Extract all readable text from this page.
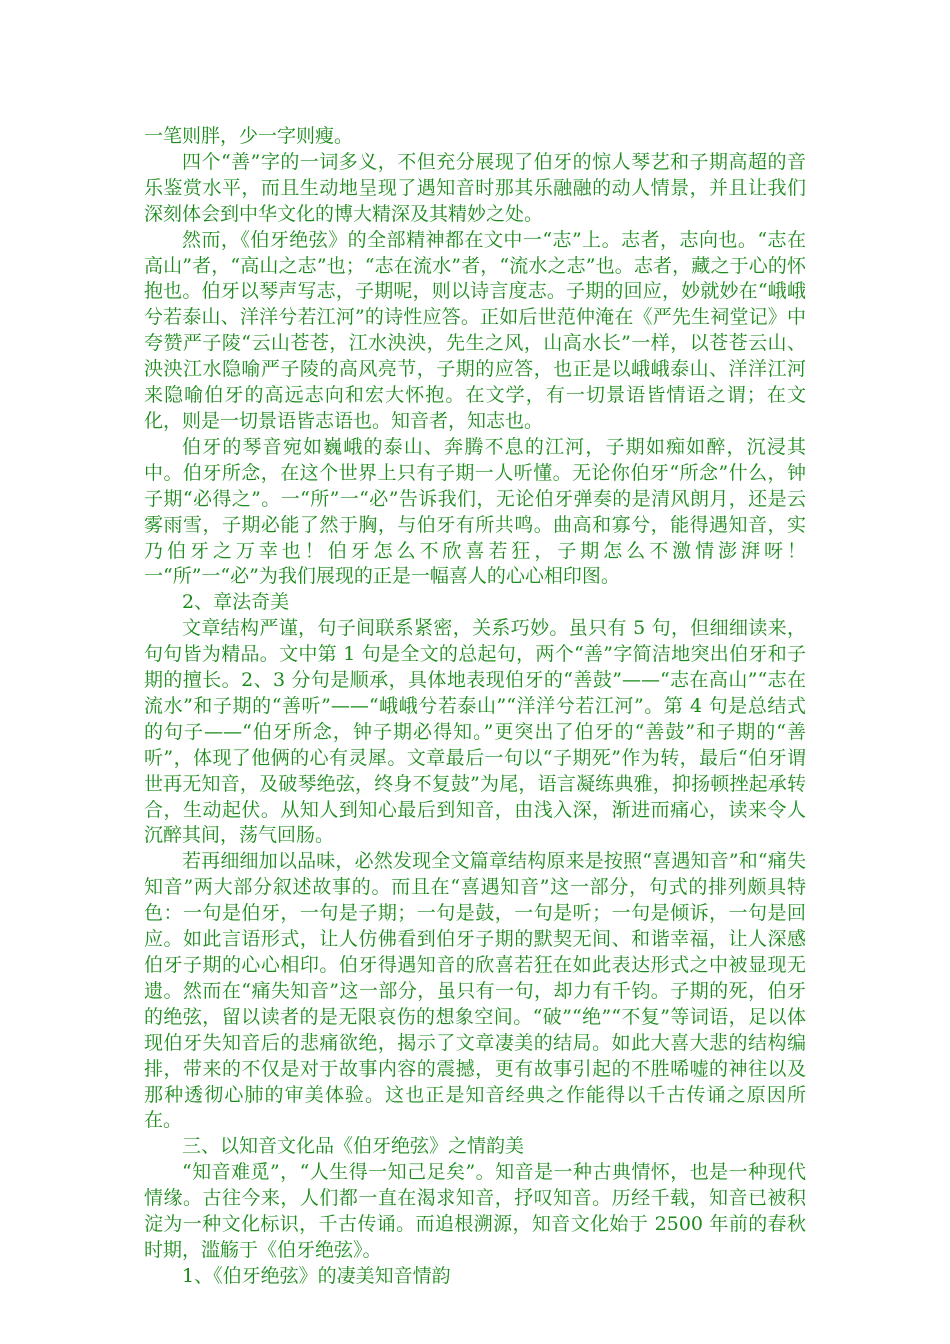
一笔则胖，少一字则瘦。

四个“善”字的一词多义，不但充分展现了伯牙的惊人琴艺和子期高超的音乐鉴赏水平，而且生动地呈现了遇知音时那其乐融融的动人情景，并且让我们深刻体会到中华文化的博大精深及其精妙之处。

然而，《伯牙绝弦》的全部精神都在文中一“志”上。志者，志向也。“志在高山”者，“高山之志”也；“志在流水”者，“流水之志”也。志者，藏之于心的怀抱也。伯牙以琴声写志，子期呢，则以诗言度志。子期的回应，妙就妙在“峨峨兮若泰山、洋洋兮若江河”的诗性应答。正如后世范仲淹在《严先生祠堂记》中夸赞严子陵“云山苍苍，江水泱泱，先生之风，山高水长”一样，以苍苍云山、泱泱江水隐喻严子陵的高风亮节，子期的应答，也正是以峨峨泰山、洋洋江河来隐喻伯牙的高远志向和宏大怀抱。在文学，有一切景语皆情语之谓；在文化，则是一切景语皆志语也。知音者，知志也。

伯牙的琴音宛如巍峨的泰山、奔腾不息的江河，子期如痴如醉，沉浸其中。伯牙所念，在这个世界上只有子期一人听懂。无论你伯牙“所念”什么，钟子期“必得之”。一“所”一“必”告诉我们，无论伯牙弹奏的是清风朗月，还是云雾雨雪，子期必能了然于胸，与伯牙有所共鸣。曲高和寡兮，能得遇知音，实乃伯牙之万幸也！伯牙怎么不欣喜若狂，子期怎么不激情澎湃呀！一“所”一“必”为我们展现的正是一幅喜人的心心相印图。

2、章法奇美

文章结构严谨，句子间联系紧密，关系巧妙。虽只有 5 句，但细细读来，句句皆为精品。文中第 1 句是全文的总起句，两个“善”字简洁地突出伯牙和子期的擅长。2、3 分句是顺承，具体地表现伯牙的“善鼓”——“志在高山”“志在流水”和子期的“善听”——“峨峨兮若泰山”“洋洋兮若江河”。第 4 句是总结式的句子——“伯牙所念，钟子期必得知。”更突出了伯牙的“善鼓”和子期的“善听”，体现了他俩的心有灵犀。文章最后一句以“子期死”作为转，最后“伯牙谓世再无知音，及破琴绝弦，终身不复鼓”为尾，语言凝练典雅，抑扬顿挫起承转合，生动起伏。从知人到知心最后到知音，由浅入深，渐进而痛心，读来令人沉醉其间，荡气回肠。

若再细细加以品味，必然发现全文篇章结构原来是按照“喜遇知音”和“痛失知音”两大部分叙述故事的。而且在“喜遇知音”这一部分，句式的排列颇具特色：一句是伯牙，一句是子期；一句是鼓，一句是听；一句是倾诉，一句是回应。如此言语形式，让人仿佛看到伯牙子期的默契无间、和谐幸福，让人深感伯牙子期的心心相印。伯牙得遇知音的欣喜若狂在如此表达形式之中被显现无遗。然而在“痛失知音”这一部分，虽只有一句，却力有千钧。子期的死，伯牙的绝弦，留以读者的是无限哀伤的想象空间。“破”“绝”“不复”等词语，足以体现伯牙失知音后的悲痛欲绝，揭示了文章凄美的结局。如此大喜大悲的结构编排，带来的不仅是对于故事内容的震撼，更有故事引起的不胜唏嘘的神往以及那种透彻心肺的审美体验。这也正是知音经典之作能得以千古传诵之原因所在。

三、以知音文化品《伯牙绝弦》之情韵美

“知音难觅”，“人生得一知己足矣”。知音是一种古典情怀，也是一种现代情缘。古往今来，人们都一直在渴求知音，抒叹知音。历经千载，知音已被积淀为一种文化标识，千古传诵。而追根溯源，知音文化始于 2500 年前的春秋时期，滥觞于《伯牙绝弦》。

1、《伯牙绝弦》的凄美知音情韵
